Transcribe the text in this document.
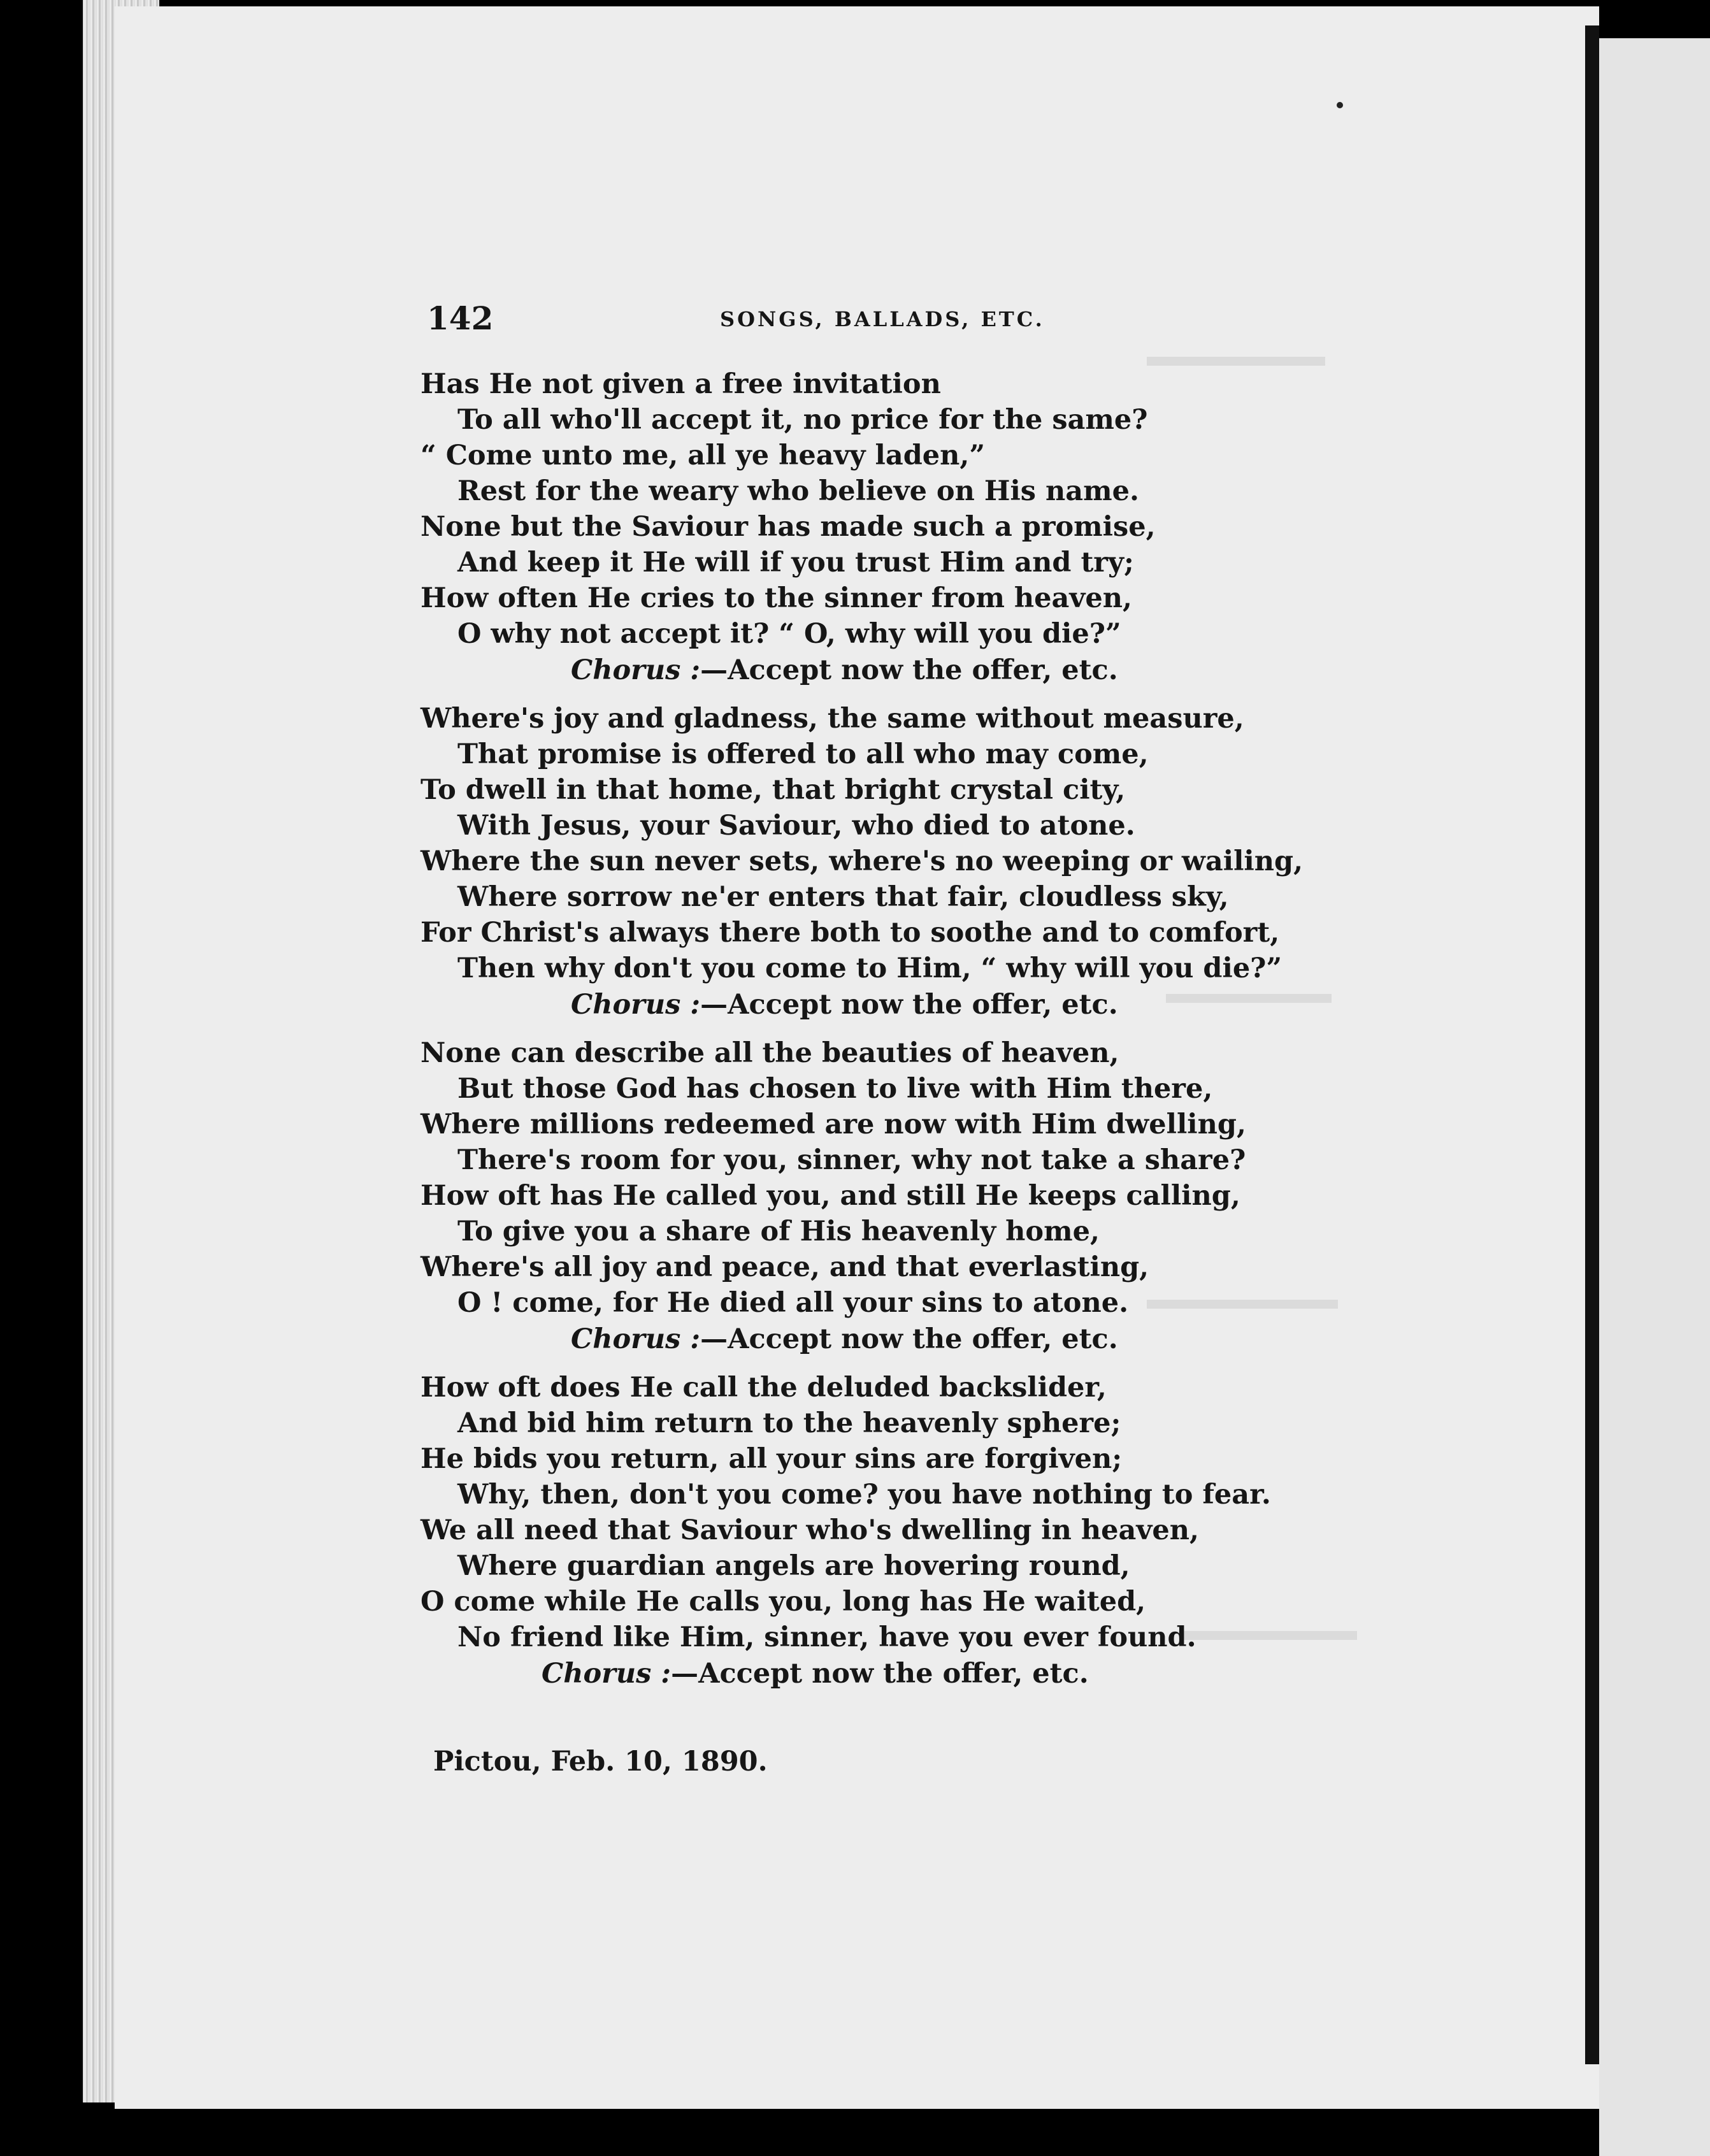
142	SONGS, BALLADS, ETC.
Has He not given a free invitation
To all who'll accept it, no price for the same?
“ Come unto me, all ye heavy laden,”
Rest for the weary who believe on His name.
None but the Saviour has made such a promise,
And keep it He will if you trust Him and try;
How often He cries to the sinner from heaven,
O why not accept it? “ O, why will you die?”
Chorus :—Accept now the offer, etc.
Where's joy and gladness, the same without measure,
That promise is offered to all who may come,
To dwell in that home, that bright crystal city,
With Jesus, your Saviour, who died to atone.
Where the sun never sets, where's no weeping or wailing,
Where sorrow ne'er enters that fair, cloudless sky,
For Christ's always there both to soothe and to comfort,
Then why don't you come to Him, “ why will you die?”
Chorus :—Accept now the offer, etc.
None can describe all the beauties of heaven,
But those God has chosen to live with Him there,
Where millions redeemed are now with Him dwelling,
There's room for you, sinner, why not take a share?
How oft has He called you, and still He keeps calling,
To give you a share of His heavenly home,
Where's all joy and peace, and that everlasting,
O ! come, for He died all your sins to atone.
Chorus :—Accept now the offer, etc.
How oft does He call the deluded backslider,
And bid him return to the heavenly sphere;
He bids you return, all your sins are forgiven;
Why, then, don't you come? you have nothing to fear.
We all need that Saviour who's dwelling in heaven,
Where guardian angels are hovering round,
O come while He calls you, long has He waited,
No friend like Him, sinner, have you ever found.
Chorus :—Accept now the offer, etc.
Pictou, Feb. 10, 1890.
